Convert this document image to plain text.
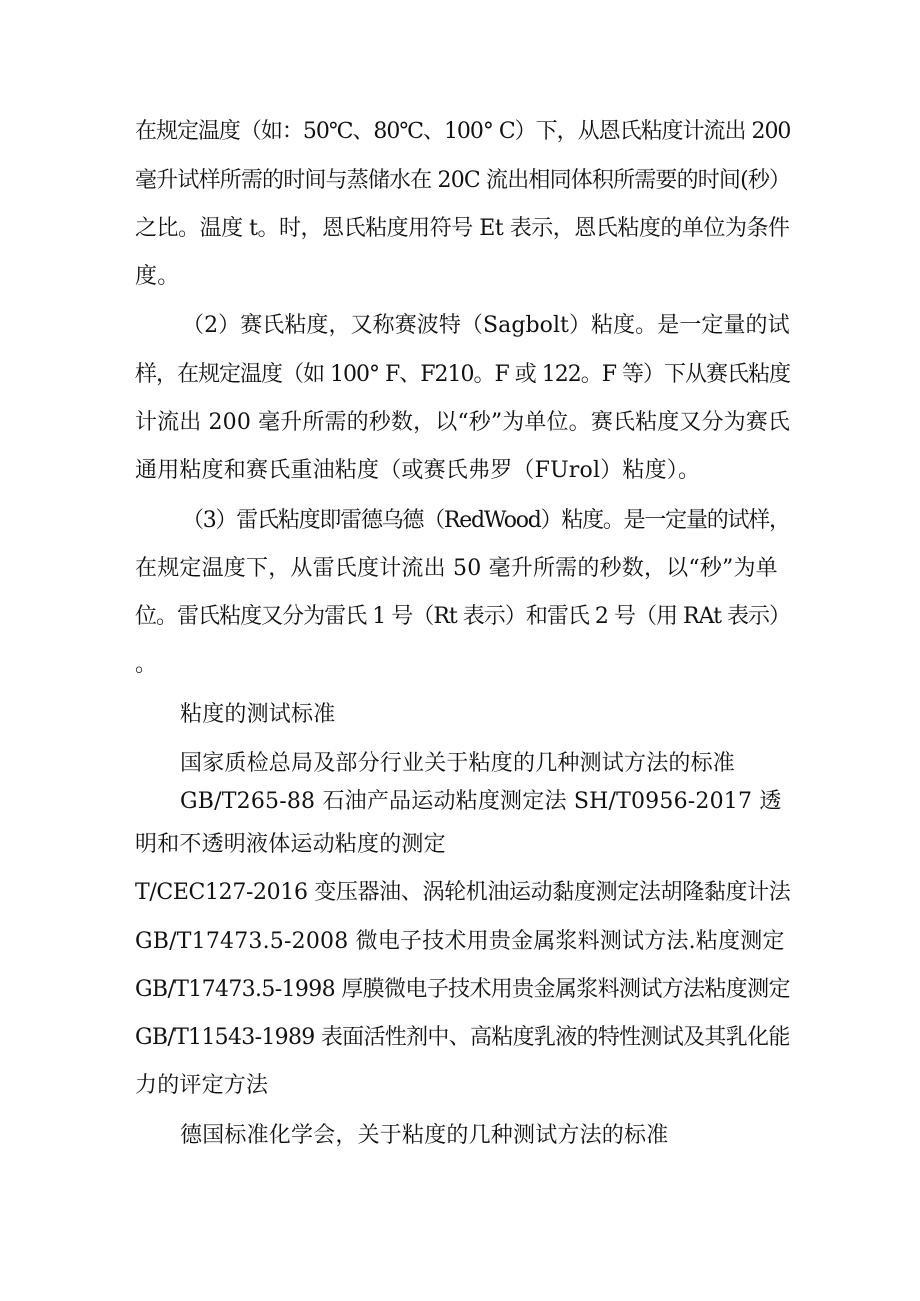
在规定温度（如：50℃、80℃、100° C）下，从恩氏粘度计流出 200
毫升试样所需的时间与蒸储水在 20C 流出相同体积所需要的时间(秒）
之比。温度 t。时，恩氏粘度用符号 Et 表示，恩氏粘度的单位为条件
度。
（2）赛氏粘度，又称赛波特（Sagbolt）粘度。是一定量的试
样，在规定温度（如 100° F、F210。F 或 122。F 等）下从赛氏粘度
计流出 200 毫升所需的秒数，以“秒”为单位。赛氏粘度又分为赛氏
通用粘度和赛氏重油粘度（或赛氏弗罗（FUrol）粘度）。
（3）雷氏粘度即雷德乌德（RedWood）粘度。是一定量的试样，
在规定温度下，从雷氏度计流出 50 毫升所需的秒数，以“秒”为单
位。雷氏粘度又分为雷氏 1 号（Rt 表示）和雷氏 2 号（用 RAt 表示）
。
粘度的测试标准
国家质检总局及部分行业关于粘度的几种测试方法的标准
GB/T265-88 石油产品运动粘度测定法 SH/T0956-2017 透
明和不透明液体运动粘度的测定
T/CEC127-2016 变压器油、涡轮机油运动黏度测定法胡隆黏度计法
GB/T17473.5-2008 微电子技术用贵金属浆料测试方法.粘度测定
GB/T17473.5-1998 厚膜微电子技术用贵金属浆料测试方法粘度测定
GB/T11543-1989 表面活性剂中、高粘度乳液的特性测试及其乳化能
力的评定方法
德国标准化学会，关于粘度的几种测试方法的标准
